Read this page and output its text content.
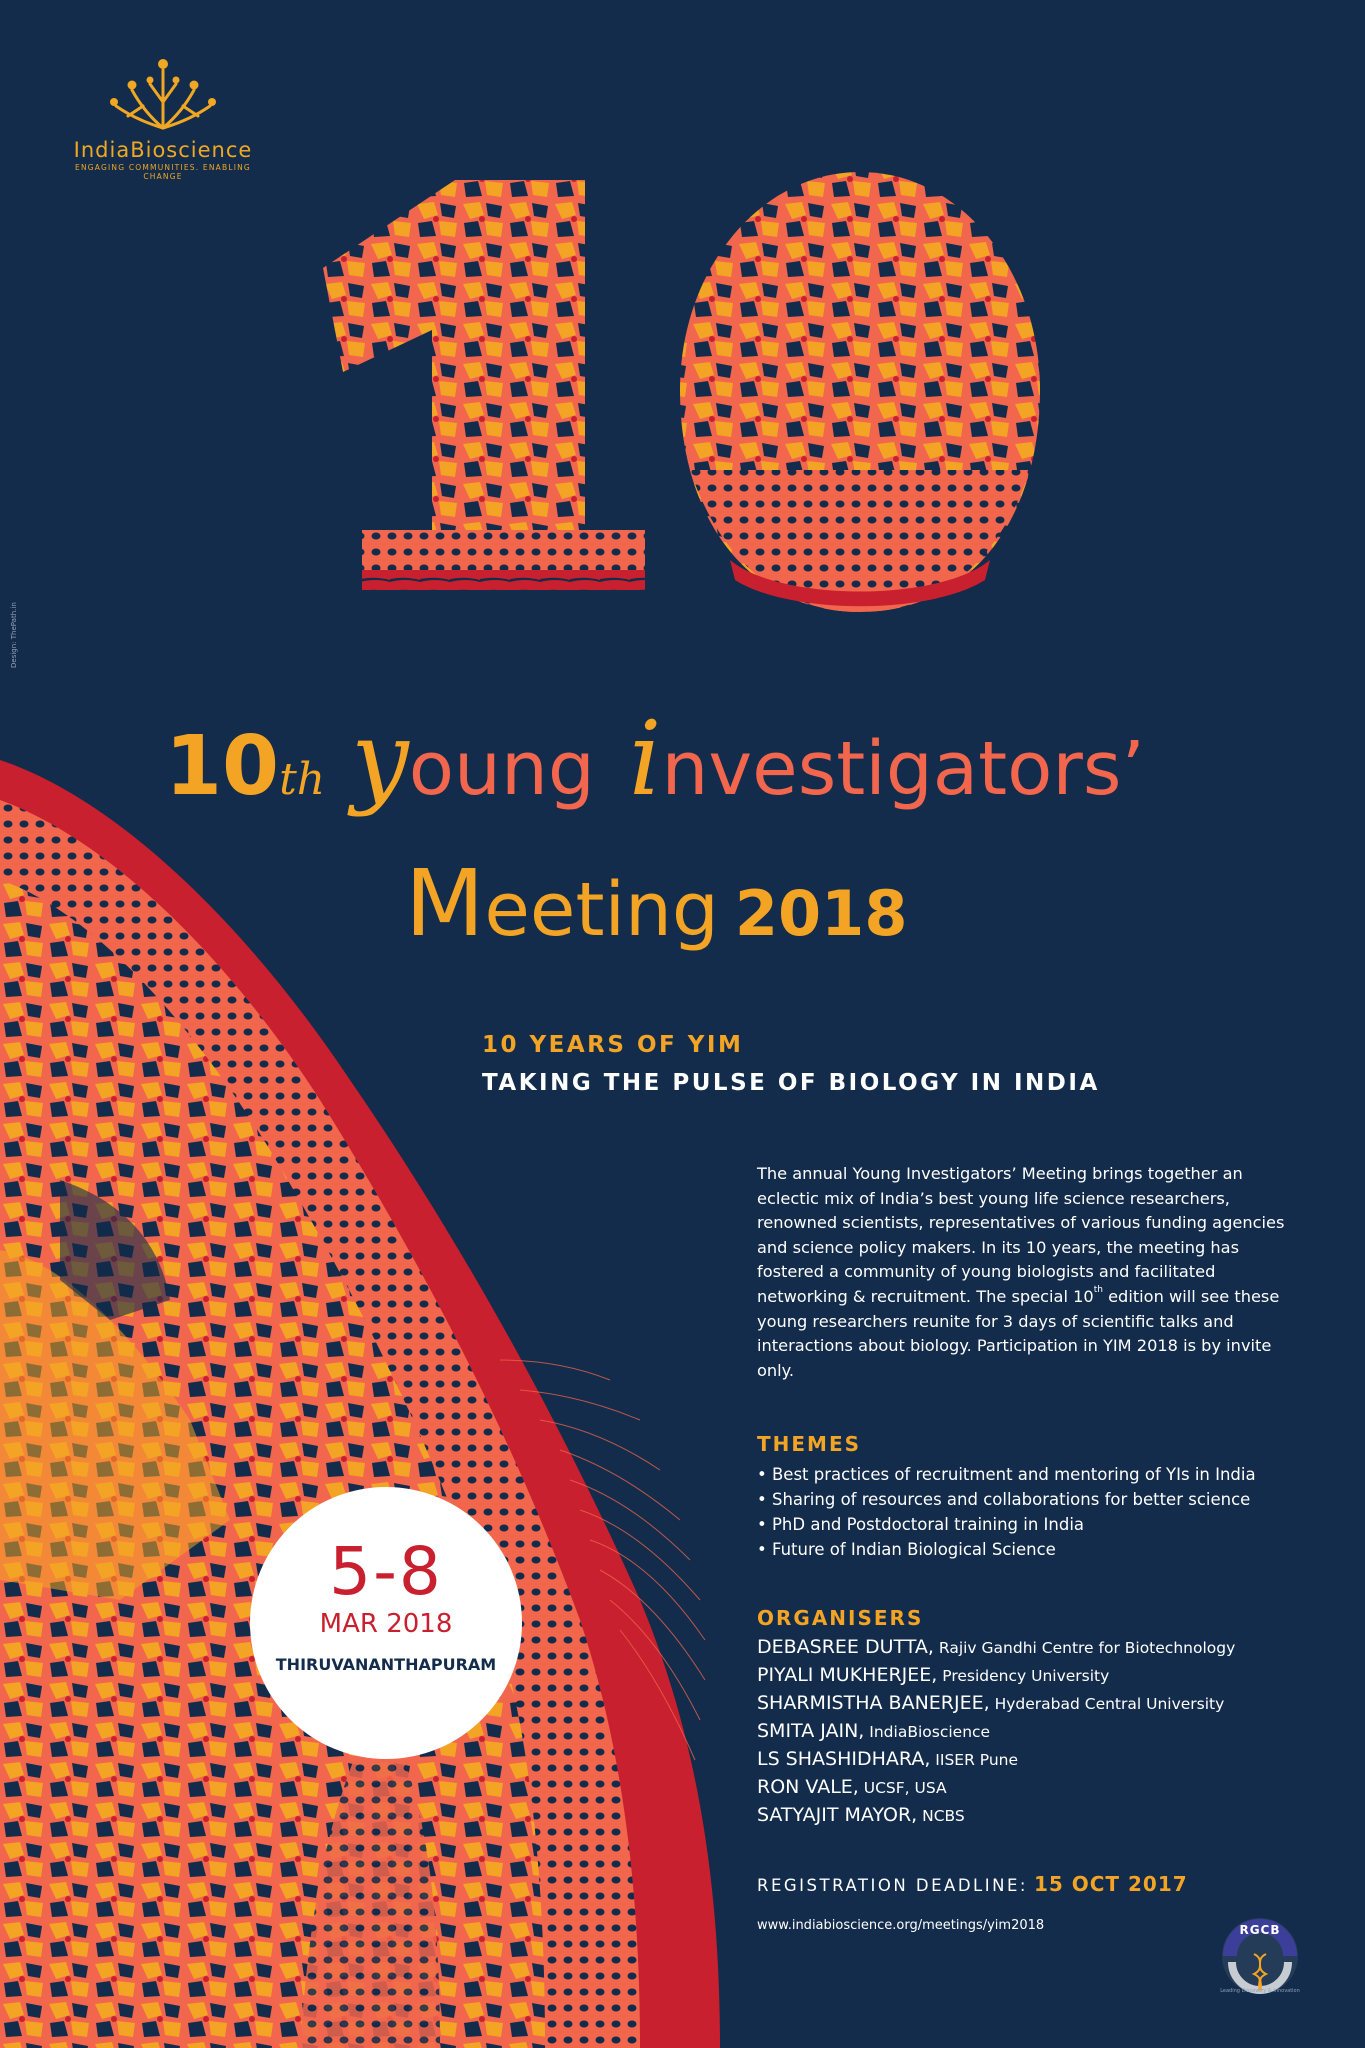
IndiaBioscience
ENGAGING COMMUNITIES. ENABLING CHANGE
Design: ThePath.in
10th young investigators’
Meeting 2018
10 YEARS OF YIM
TAKING THE PULSE OF BIOLOGY IN INDIA
The annual Young Investigators’ Meeting brings together an eclectic mix of India’s best young life science researchers, renowned scientists, representatives of various funding agencies and science policy makers. In its 10 years, the meeting has fostered a community of young biologists and facilitated networking & recruitment. The special 10th edition will see these young researchers reunite for 3 days of scientific talks and interactions about biology. Participation in YIM 2018 is by invite only.
THEMES
• Best practices of recruitment and mentoring of YIs in India
• Sharing of resources and collaborations for better science
• PhD and Postdoctoral training in India
• Future of Indian Biological Science
ORGANISERS
DEBASREE DUTTA, Rajiv Gandhi Centre for Biotechnology
PIYALI MUKHERJEE, Presidency University
SHARMISTHA BANERJEE, Hyderabad Central University
SMITA JAIN, IndiaBioscience
LS SHASHIDHARA, IISER Pune
RON VALE, UCSF, USA
SATYAJIT MAYOR, NCBS
REGISTRATION DEADLINE: 15 OCT 2017
www.indiabioscience.org/meetings/yim2018
5-8
MAR 2018
THIRUVANANTHAPURAM
RGCB
Leading Discovery & Innovation
